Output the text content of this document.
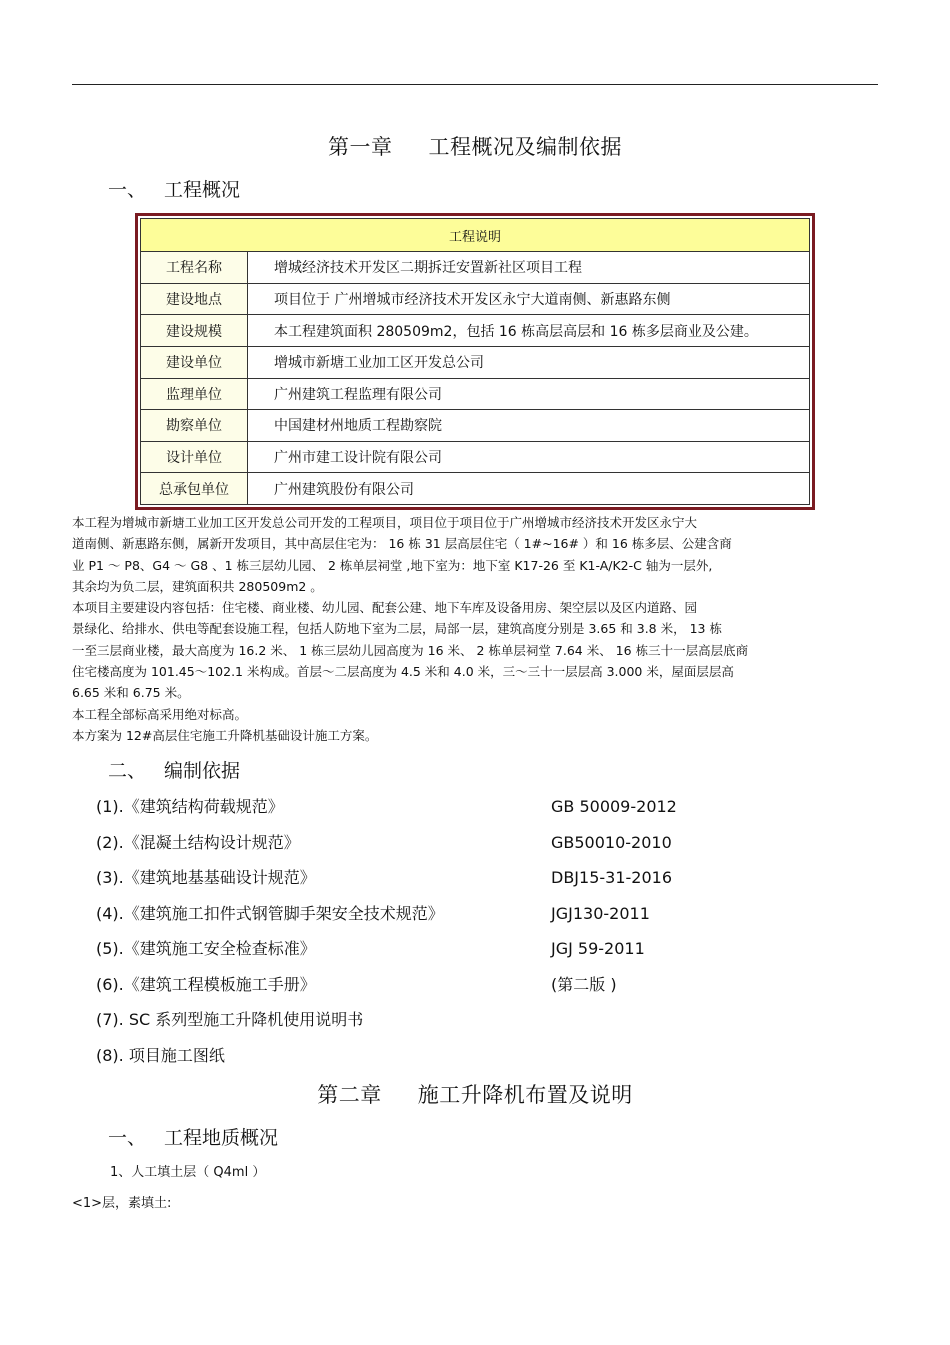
第一章 工程概况及编制依据
一、 工程概况
工程说明	
工程名称	增城经济技术开发区二期拆迁安置新社区项目工程
建设地点	项目位于 广州增城市经济技术开发区永宁大道南侧、新惠路东侧
建设规模	本工程建筑面积 280509m2，包括 16 栋高层高层和 16 栋多层商业及公建。
建设单位	增城市新塘工业加工区开发总公司
监理单位	广州建筑工程监理有限公司
勘察单位	中国建材州地质工程勘察院
设计单位	广州市建工设计院有限公司
总承包单位	广州建筑股份有限公司
本工程为增城市新塘工业加工区开发总公司开发的工程项目，项目位于项目位于广州增城市经济技术开发区永宁大
道南侧、新惠路东侧，属新开发项目，其中高层住宅为： 16 栋 31 层高层住宅（ 1#~16# ）和 16 栋多层、公建含商
业 P1 ～ P8、G4 ～ G8 、1 栋三层幼儿园、 2 栋单层祠堂 ,地下室为：地下室 K17-26 至 K1-A/K2-C 轴为一层外,
其余均为负二层，建筑面积共 280509m2 。
本项目主要建设内容包括：住宅楼、商业楼、幼儿园、配套公建、地下车库及设备用房、架空层以及区内道路、园
景绿化、给排水、供电等配套设施工程，包括人防地下室为二层，局部一层，建筑高度分别是 3.65 和 3.8 米， 13 栋
一至三层商业楼，最大高度为 16.2 米、 1 栋三层幼儿园高度为 16 米、 2 栋单层祠堂 7.64 米、 16 栋三十一层高层底商
住宅楼高度为 101.45～102.1 米构成。首层～二层高度为 4.5 米和 4.0 米，三～三十一层层高 3.000 米，屋面层层高
6.65 米和 6.75 米。
本工程全部标高采用绝对标高。
本方案为 12#高层住宅施工升降机基础设计施工方案。
二、 编制依据
(1).《建筑结构荷载规范》	GB 50009-2012
(2).《混凝土结构设计规范》	GB50010-2010
(3).《建筑地基基础设计规范》	DBJ15-31-2016
(4).《建筑施工扣件式钢管脚手架安全技术规范》	JGJ130-2011
(5).《建筑施工安全检查标准》	JGJ 59-2011
(6).《建筑工程模板施工手册》	(第二版 )
(7). SC 系列型施工升降机使用说明书
(8). 项目施工图纸
第二章 施工升降机布置及说明
一、 工程地质概况
1、人工填土层（ Q4ml ）
<1>层，素填土:
